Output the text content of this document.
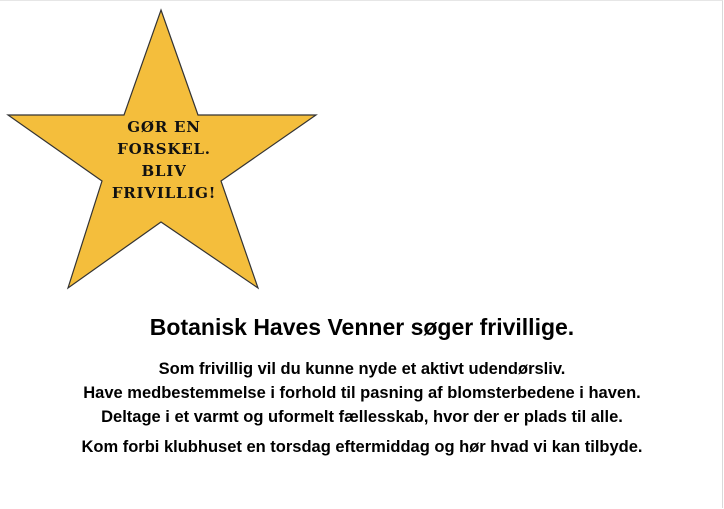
GØR EN
FORSKEL.
BLIV
FRIVILLIG!
Botanisk Haves Venner søger frivillige.
Som frivillig vil du kunne nyde et aktivt udendørsliv.
Have medbestemmelse i forhold til pasning af blomsterbedene i haven.
Deltage i et varmt og uformelt fællesskab, hvor der er plads til alle.
Kom forbi klubhuset en torsdag eftermiddag og hør hvad vi kan tilbyde.
